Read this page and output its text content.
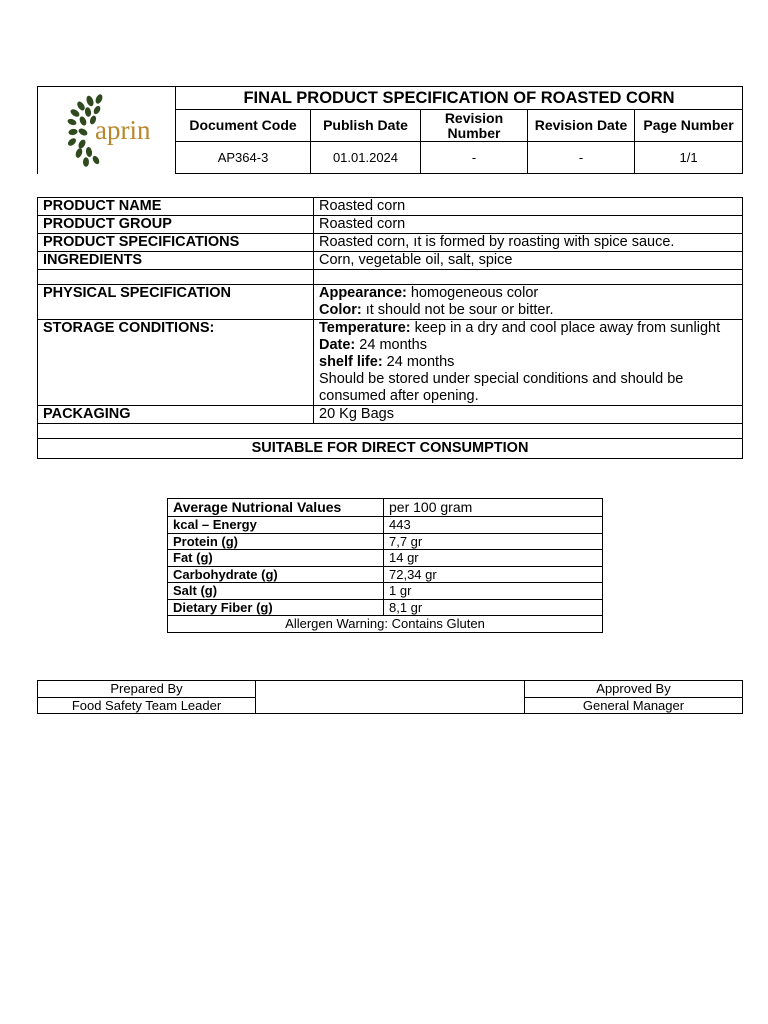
aprin	FINAL PRODUCT SPECIFICATION OF ROASTED CORN				
	Document Code	Publish Date	Revision Number	Revision Date	Page Number
	AP364-3	01.01.2024	-	-	1/1
PRODUCT NAME	Roasted corn
PRODUCT GROUP	Roasted corn
PRODUCT SPECIFICATIONS	Roasted corn, ıt is formed by roasting with spice sauce.
INGREDIENTS	Corn, vegetable oil, salt, spice

PHYSICAL SPECIFICATION	Appearance: homogeneous color
Color: ıt should not be sour or bitter.

STORAGE CONDITIONS:	Temperature: keep in a dry and cool place away from sunlight
Date: 24 months
shelf life: 24 months
Should be stored under special conditions and should be consumed after opening.

PACKAGING	20 Kg Bags

SUITABLE FOR DIRECT CONSUMPTION	
Average Nutrional Values	per 100 gram
kcal – Energy	443
Protein (g)	7,7 gr
Fat (g)	14 gr
Carbohydrate (g)	72,34 gr
Salt (g)	1 gr
Dietary Fiber (g)	8,1 gr
Allergen Warning: Contains Gluten	
Prepared By		Approved By
Food Safety Team Leader		General Manager
